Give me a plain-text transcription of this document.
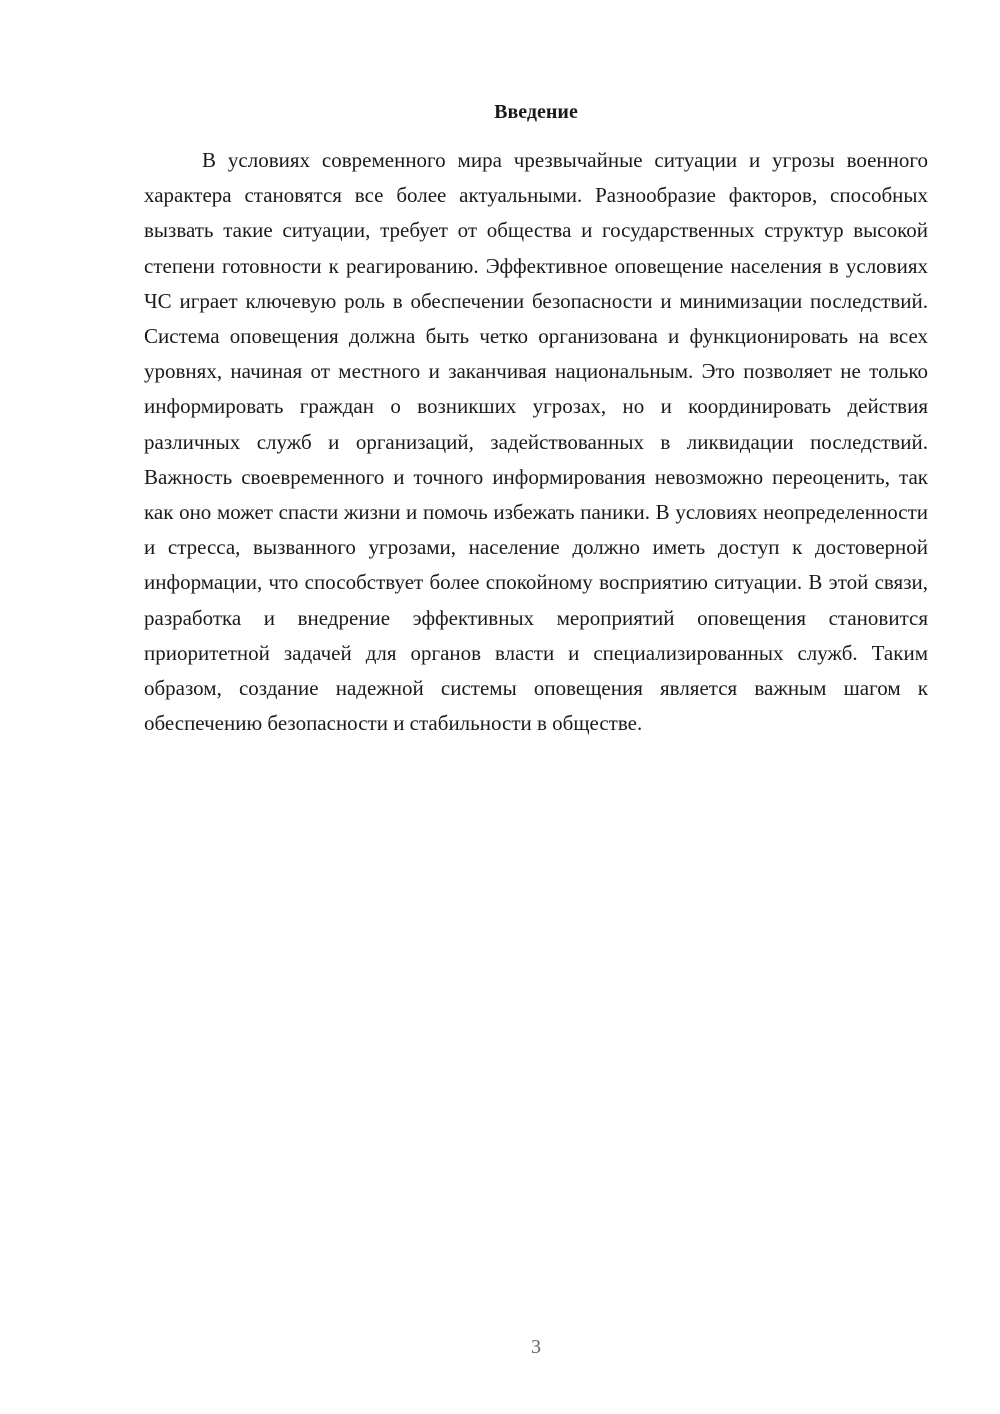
Введение

В условиях современного мира чрезвычайные ситуации и угрозы военного характера становятся все более актуальными. Разнообразие факторов, способных вызвать такие ситуации, требует от общества и государственных структур высокой степени готовности к реагированию. Эффективное оповещение населения в условиях ЧС играет ключевую роль в обеспечении безопасности и минимизации последствий. Система оповещения должна быть четко организована и функционировать на всех уровнях, начиная от местного и заканчивая национальным. Это позволяет не только информировать граждан о возникших угрозах, но и координировать действия различных служб и организаций, задействованных в ликвидации последствий. Важность своевременного и точного информирования невозможно переоценить, так как оно может спасти жизни и помочь избежать паники. В условиях неопределенности и стресса, вызванного угрозами, население должно иметь доступ к достоверной информации, что способствует более спокойному восприятию ситуации. В этой связи, разработка и внедрение эффективных мероприятий оповещения становится приоритетной задачей для органов власти и специализированных служб. Таким образом, создание надежной системы оповещения является важным шагом к обеспечению безопасности и стабильности в обществе.

3
